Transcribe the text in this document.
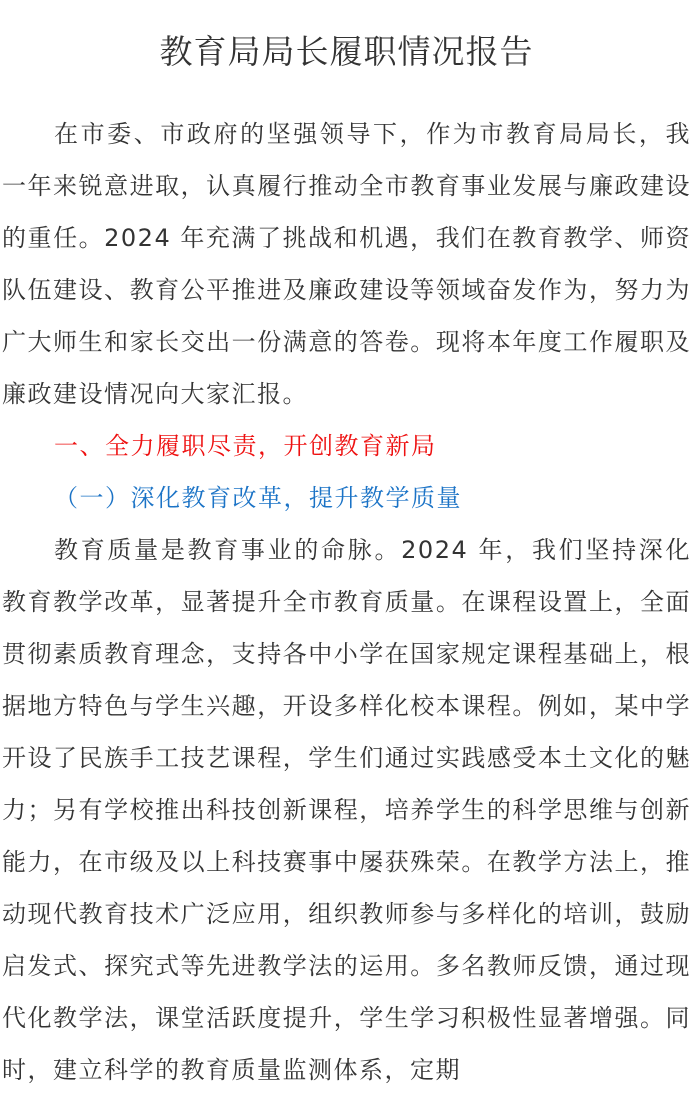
教育局局长履职情况报告

在市委、市政府的坚强领导下，作为市教育局局长，我一年来锐意进取，认真履行推动全市教育事业发展与廉政建设的重任。2024 年充满了挑战和机遇，我们在教育教学、师资队伍建设、教育公平推进及廉政建设等领域奋发作为，努力为广大师生和家长交出一份满意的答卷。现将本年度工作履职及廉政建设情况向大家汇报。

一、全力履职尽责，开创教育新局

（一）深化教育改革，提升教学质量

教育质量是教育事业的命脉。2024 年，我们坚持深化教育教学改革，显著提升全市教育质量。在课程设置上，全面贯彻素质教育理念，支持各中小学在国家规定课程基础上，根据地方特色与学生兴趣，开设多样化校本课程。例如，某中学开设了民族手工技艺课程，学生们通过实践感受本土文化的魅力；另有学校推出科技创新课程，培养学生的科学思维与创新能力，在市级及以上科技赛事中屡获殊荣。在教学方法上，推动现代教育技术广泛应用，组织教师参与多样化的培训，鼓励启发式、探究式等先进教学法的运用。多名教师反馈，通过现代化教学法，课堂活跃度提升，学生学习积极性显著增强。同时，建立科学的教育质量监测体系，定期
